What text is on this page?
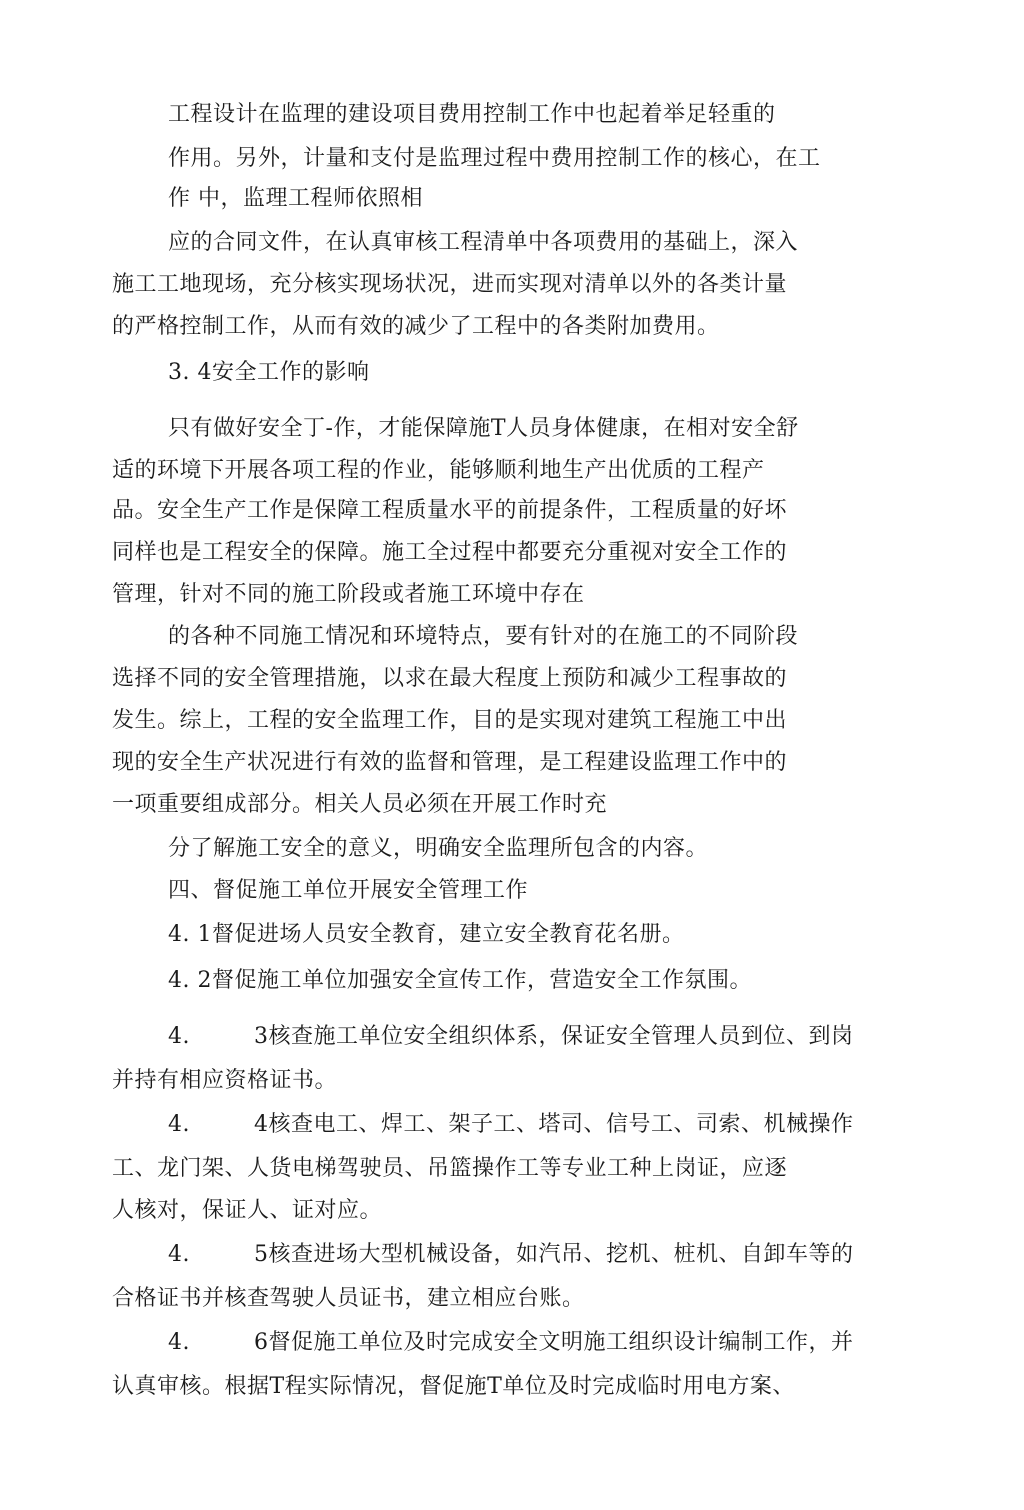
工程设计在监理的建设项目费用控制工作中也起着举足轻重的
作用。另外，计量和支付是监理过程中费用控制工作的核心，在工
作 中，监理工程师依照相
应的合同文件，在认真审核工程清单中各项费用的基础上，深入
施工工地现场，充分核实现场状况，进而实现对清单以外的各类计量
的严格控制工作，从而有效的减少了工程中的各类附加费用。
3. 4安全工作的影响
只有做好安全丁-作，才能保障施T人员身体健康，在相对安全舒
适的环境下开展各项工程的作业，能够顺利地生产出优质的工程产
品。安全生产工作是保障工程质量水平的前提条件，工程质量的好坏
同样也是工程安全的保障。施工全过程中都要充分重视对安全工作的
管理，针对不同的施工阶段或者施工环境中存在
的各种不同施工情况和环境特点，要有针对的在施工的不同阶段
选择不同的安全管理措施，以求在最大程度上预防和减少工程事故的
发生。综上，工程的安全监理工作，目的是实现对建筑工程施工中出
现的安全生产状况进行有效的监督和管理，是工程建设监理工作中的
一项重要组成部分。相关人员必须在开展工作时充
分了解施工安全的意义，明确安全监理所包含的内容。
四、督促施工单位开展安全管理工作
4. 1督促进场人员安全教育，建立安全教育花名册。
4. 2督促施工单位加强安全宣传工作，营造安全工作氛围。
4.	3核查施工单位安全组织体系，保证安全管理人员到位、到岗
并持有相应资格证书。
4.	4核查电工、焊工、架子工、塔司、信号工、司索、机械操作
工、龙门架、人货电梯驾驶员、吊篮操作工等专业工种上岗证，应逐
人核对，保证人、证对应。
4.	5核查进场大型机械设备，如汽吊、挖机、桩机、自卸车等的
合格证书并核查驾驶人员证书，建立相应台账。
4.	6督促施工单位及时完成安全文明施工组织设计编制工作，并
认真审核。根据T程实际情况，督促施T单位及时完成临时用电方案、
